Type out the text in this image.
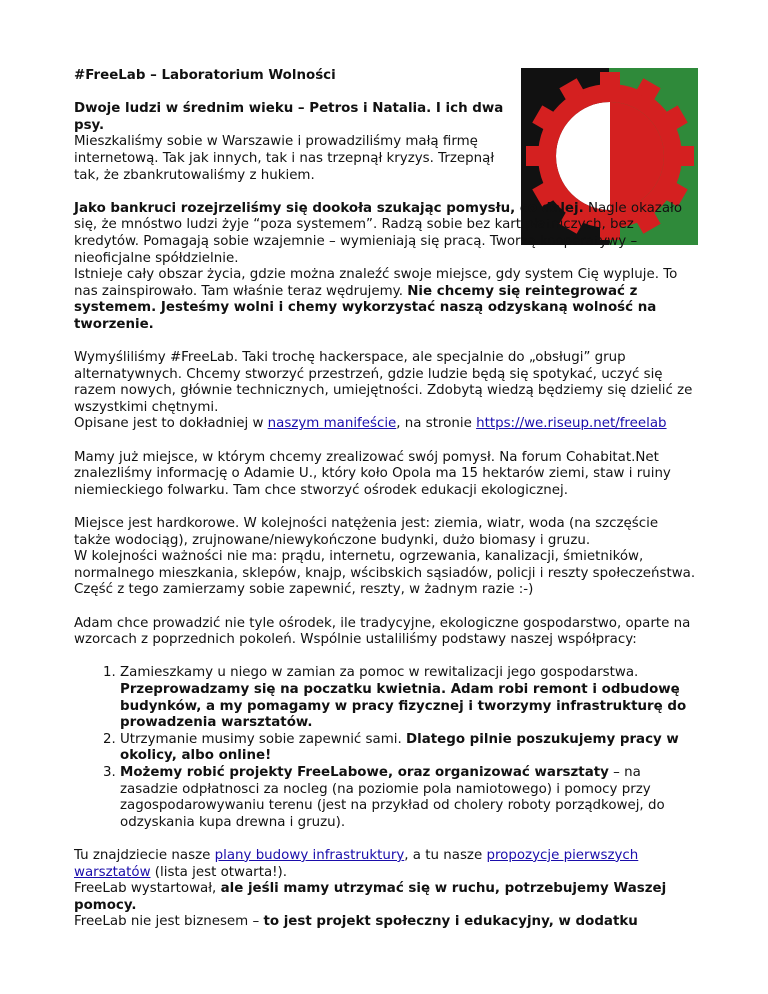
#FreeLab – Laboratorium Wolności

Dwoje ludzi w średnim wieku – Petros i Natalia. I ich dwa psy.
Mieszkaliśmy sobie w Warszawie i prowadziliśmy małą firmę internetową. Tak jak innych, tak i nas trzepnął kryzys. Trzepnął tak, że zbankrutowaliśmy z hukiem.

Jako bankruci rozejrzeliśmy się dookoła szukając pomysłu, co dalej. Nagle okazało się, że mnóstwo ludzi żyje “poza systemem”. Radzą sobie bez kart płatniczych, bez kredytów. Pomagają sobie wzajemnie – wymieniają się pracą. Tworzą kooperatywy – nieoficjalne spółdzielnie.
Istnieje cały obszar życia, gdzie można znaleźć swoje miejsce, gdy system Cię wypluje. To nas zainspirowało. Tam właśnie teraz wędrujemy. Nie chcemy się reintegrować z systemem. Jesteśmy wolni i chemy wykorzystać naszą odzyskaną wolność na tworzenie.

Wymyśliliśmy #FreeLab. Taki trochę hackerspace, ale specjalnie do „obsługi” grup alternatywnych. Chcemy stworzyć przestrzeń, gdzie ludzie będą się spotykać, uczyć się razem nowych, głównie technicznych, umiejętności. Zdobytą wiedzą będziemy się dzielić ze wszystkimi chętnymi.
Opisane jest to dokładniej w naszym manifeście, na stronie https://we.riseup.net/freelab

Mamy już miejsce, w którym chcemy zrealizować swój pomysł. Na forum Cohabitat.Net znalezliśmy informację o Adamie U., który koło Opola ma 15 hektarów ziemi, staw i ruiny niemieckiego folwarku. Tam chce stworzyć ośrodek edukacji ekologicznej.

Miejsce jest hardkorowe. W kolejności natężenia jest: ziemia, wiatr, woda (na szczęście także wodociąg), zrujnowane/niewykończone budynki, dużo biomasy i gruzu.
W kolejności ważności nie ma: prądu, internetu, ogrzewania, kanalizacji, śmietników, normalnego mieszkania, sklepów, knajp, wścibskich sąsiadów, policji i reszty społeczeństwa. Część z tego zamierzamy sobie zapewnić, reszty, w żadnym razie :-)

Adam chce prowadzić nie tyle ośrodek, ile tradycyjne, ekologiczne gospodarstwo, oparte na wzorcach z poprzednich pokoleń. Wspólnie ustaliliśmy podstawy naszej współpracy:

1. Zamieszkamy u niego w zamian za pomoc w rewitalizacji jego gospodarstwa. Przeprowadzamy się na poczatku kwietnia. Adam robi remont i odbudowę budynków, a my pomagamy w pracy fizycznej i tworzymy infrastrukturę do prowadzenia warsztatów.
2. Utrzymanie musimy sobie zapewnić sami. Dlatego pilnie poszukujemy pracy w okolicy, albo online!
3. Możemy robić projekty FreeLabowe, oraz organizować warsztaty – na zasadzie odpłatnosci za nocleg (na poziomie pola namiotowego) i pomocy przy zagospodarowywaniu terenu (jest na przykład od cholery roboty porządkowej, do odzyskania kupa drewna i gruzu).

Tu znajdziecie nasze plany budowy infrastruktury, a tu nasze propozycje pierwszych warsztatów (lista jest otwarta!).
FreeLab wystartował, ale jeśli mamy utrzymać się w ruchu, potrzebujemy Waszej pomocy.
FreeLab nie jest biznesem – to jest projekt społeczny i edukacyjny, w dodatku
